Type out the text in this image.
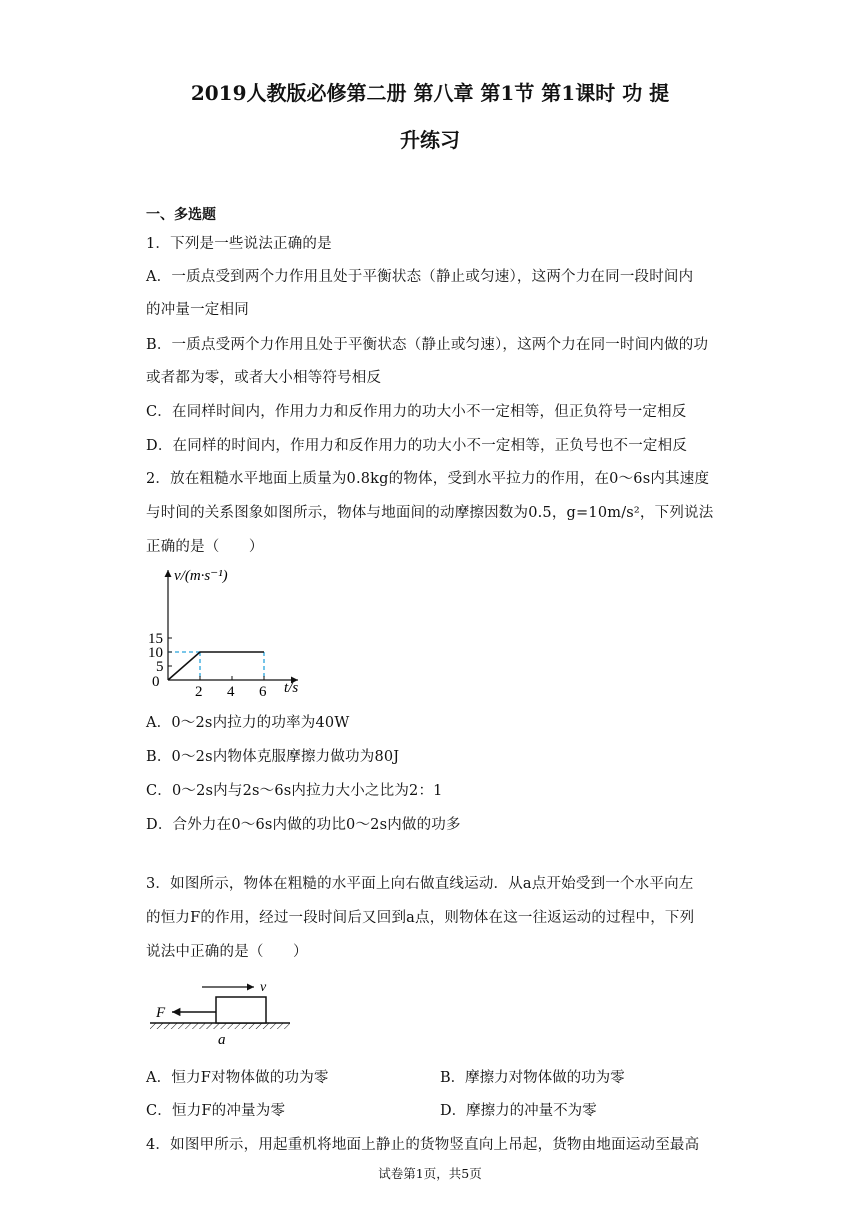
2019人教版必修第二册 第八章 第1节 第1课时 功 提
升练习
一、多选题
1．下列是一些说法正确的是
A．一质点受到两个力作用且处于平衡状态（静止或匀速），这两个力在同一段时间内
的冲量一定相同
B．一质点受两个力作用且处于平衡状态（静止或匀速），这两个力在同一时间内做的功
或者都为零，或者大小相等符号相反
C．在同样时间内，作用力力和反作用力的功大小不一定相等，但正负符号一定相反
D．在同样的时间内，作用力和反作用力的功大小不一定相等，正负号也不一定相反
2．放在粗糙水平地面上质量为0.8kg的物体，受到水平拉力的作用，在0～6s内其速度
与时间的关系图象如图所示，物体与地面间的动摩擦因数为0.5，g=10m/s²，下列说法
正确的是（　　）
v/(m·s⁻¹)
t/s
0
2 4 6
5
10
15
A．0～2s内拉力的功率为40W
B．0～2s内物体克服摩擦力做功为80J
C．0～2s内与2s～6s内拉力大小之比为2：1
D．合外力在0～6s内做的功比0～2s内做的功多
3．如图所示，物体在粗糙的水平面上向右做直线运动．从a点开始受到一个水平向左
的恒力F的作用，经过一段时间后又回到a点，则物体在这一往返运动的过程中，下列
说法中正确的是（　　）
F
v
a
A．恒力F对物体做的功为零	B．摩擦力对物体做的功为零
C．恒力F的冲量为零	D．摩擦力的冲量不为零
4．如图甲所示，用起重机将地面上静止的货物竖直向上吊起，货物由地面运动至最高
试卷第1页，共5页
